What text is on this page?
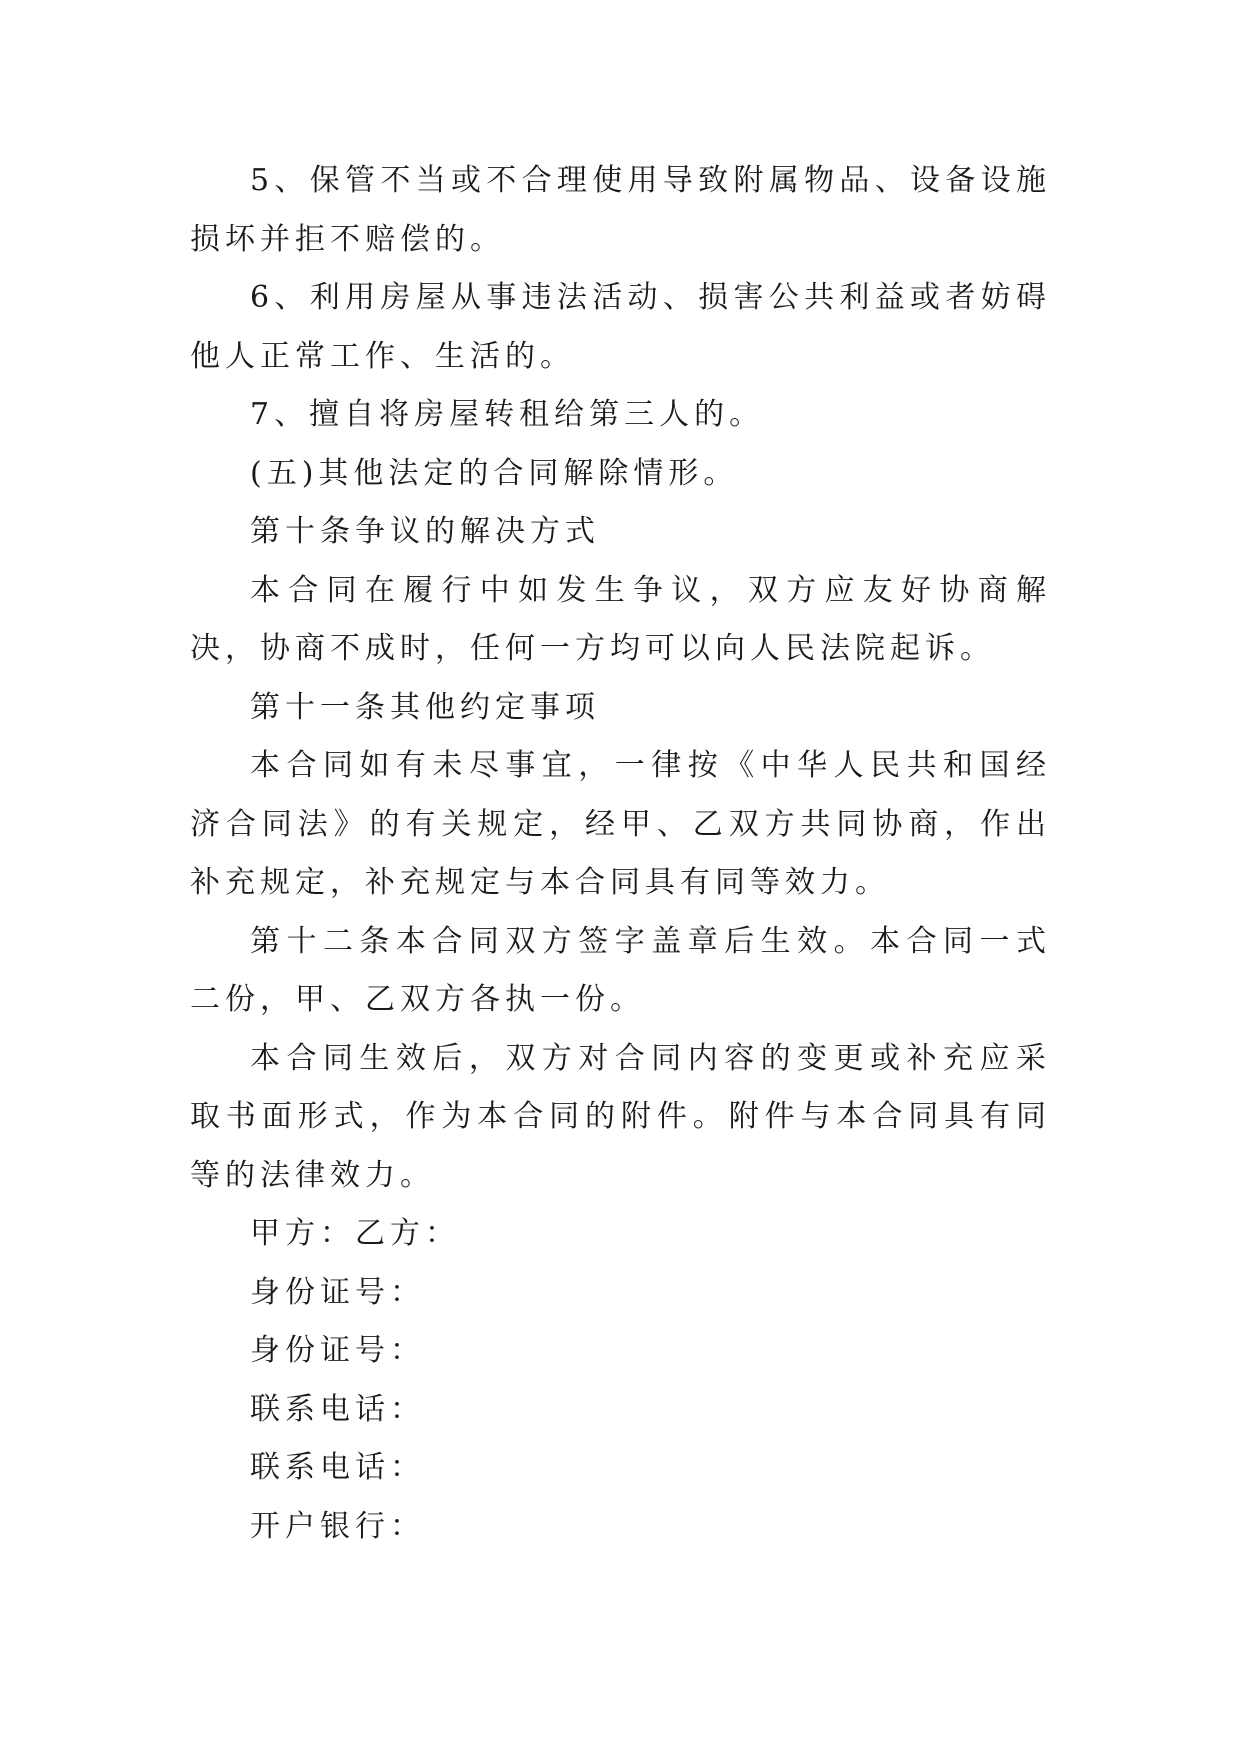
5、保管不当或不合理使用导致附属物品、设备设施损坏并拒不赔偿的。

6、利用房屋从事违法活动、损害公共利益或者妨碍他人正常工作、生活的。

7、擅自将房屋转租给第三人的。

(五)其他法定的合同解除情形。

第十条争议的解决方式

本合同在履行中如发生争议，双方应友好协商解决，协商不成时，任何一方均可以向人民法院起诉。

第十一条其他约定事项

本合同如有未尽事宜，一律按《中华人民共和国经济合同法》的有关规定，经甲、乙双方共同协商，作出补充规定，补充规定与本合同具有同等效力。

第十二条本合同双方签字盖章后生效。本合同一式二份，甲、乙双方各执一份。

本合同生效后，双方对合同内容的变更或补充应采取书面形式，作为本合同的附件。附件与本合同具有同等的法律效力。

甲方：乙方：

身份证号：

身份证号：

联系电话：

联系电话：

开户银行：
